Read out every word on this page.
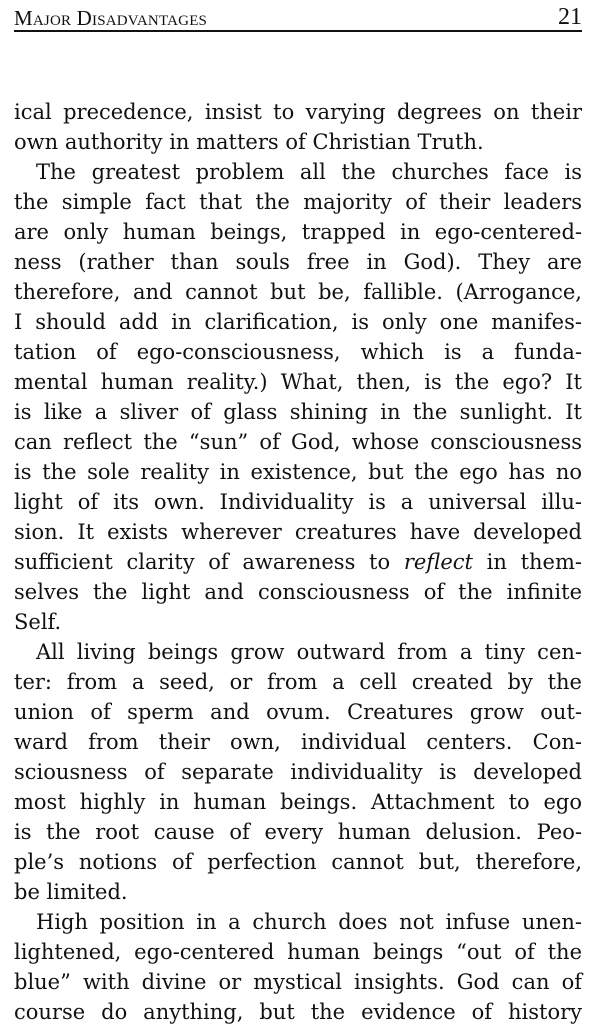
Major Disadvantages	21
ical precedence, insist to varying degrees on their
own authority in matters of Christian Truth.
The greatest problem all the churches face is
the simple fact that the majority of their leaders
are only human beings, trapped in ego-centered-
ness (rather than souls free in God). They are
therefore, and cannot but be, fallible. (Arrogance,
I should add in clarification, is only one manifes-
tation of ego-consciousness, which is a funda-
mental human reality.) What, then, is the ego? It
is like a sliver of glass shining in the sunlight. It
can reflect the “sun” of God, whose consciousness
is the sole reality in existence, but the ego has no
light of its own. Individuality is a universal illu-
sion. It exists wherever creatures have developed
sufficient clarity of awareness to reflect in them-
selves the light and consciousness of the infinite
Self.
All living beings grow outward from a tiny cen-
ter: from a seed, or from a cell created by the
union of sperm and ovum. Creatures grow out-
ward from their own, individual centers. Con-
sciousness of separate individuality is developed
most highly in human beings. Attachment to ego
is the root cause of every human delusion. Peo-
ple’s notions of perfection cannot but, therefore,
be limited.
High position in a church does not infuse unen-
lightened, ego-centered human beings “out of the
blue” with divine or mystical insights. God can of
course do anything, but the evidence of history
